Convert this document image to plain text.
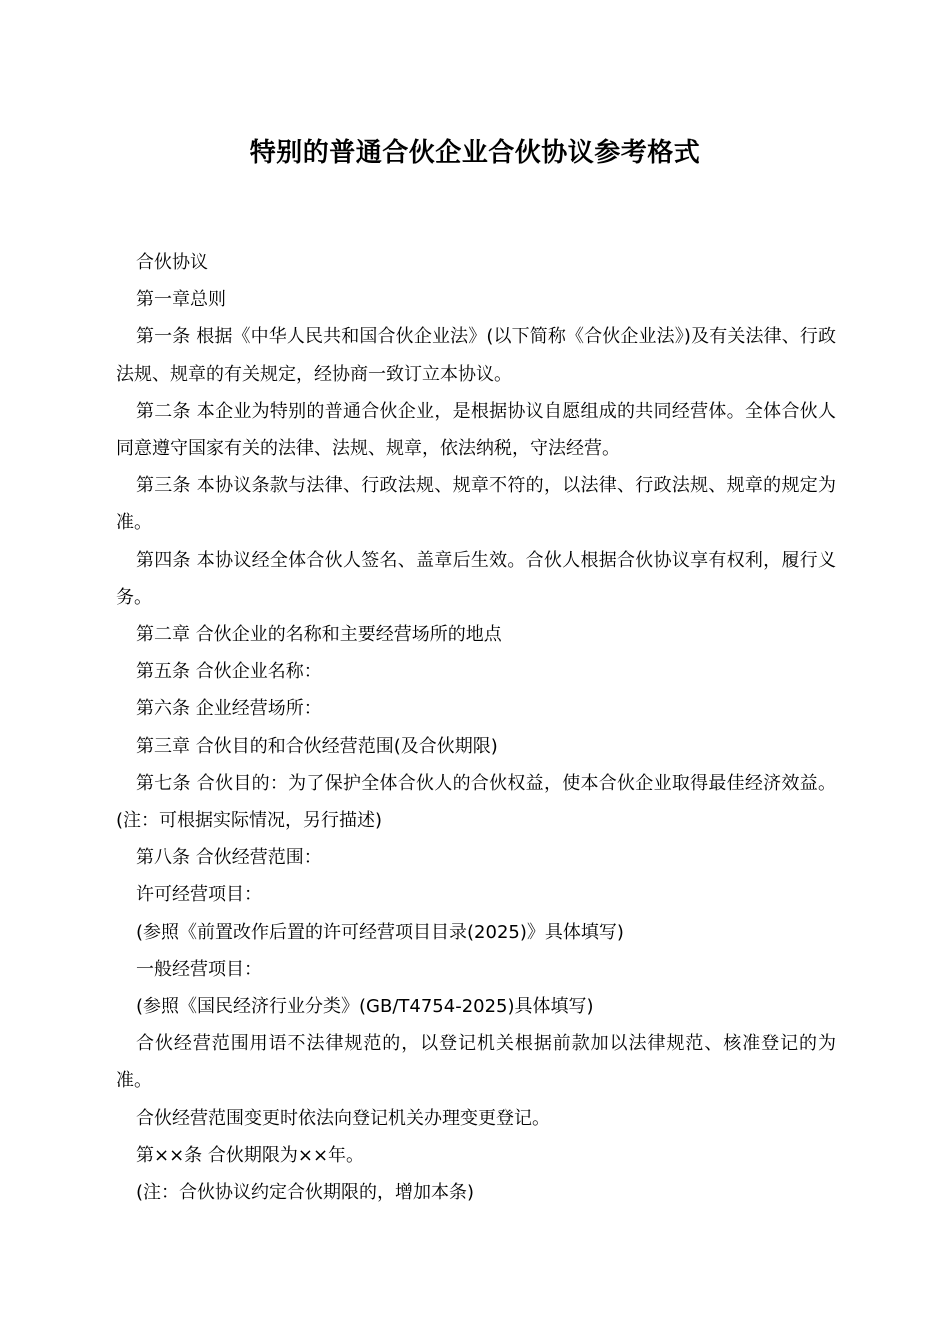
特别的普通合伙企业合伙协议参考格式

合伙协议

第一章总则

第一条 根据《中华人民共和国合伙企业法》(以下简称《合伙企业法》)及有关法律、行政法规、规章的有关规定，经协商一致订立本协议。

第二条 本企业为特别的普通合伙企业，是根据协议自愿组成的共同经营体。全体合伙人同意遵守国家有关的法律、法规、规章，依法纳税，守法经营。

第三条 本协议条款与法律、行政法规、规章不符的，以法律、行政法规、规章的规定为准。

第四条 本协议经全体合伙人签名、盖章后生效。合伙人根据合伙协议享有权利，履行义务。

第二章 合伙企业的名称和主要经营场所的地点

第五条 合伙企业名称：

第六条 企业经营场所：

第三章 合伙目的和合伙经营范围(及合伙期限)

第七条 合伙目的：为了保护全体合伙人的合伙权益，使本合伙企业取得最佳经济效益。(注：可根据实际情况，另行描述)

第八条 合伙经营范围：

许可经营项目：

(参照《前置改作后置的许可经营项目目录(2025)》具体填写)

一般经营项目：

(参照《国民经济行业分类》(GB/T4754-2025)具体填写)

合伙经营范围用语不法律规范的，以登记机关根据前款加以法律规范、核准登记的为准。

合伙经营范围变更时依法向登记机关办理变更登记。

第××条 合伙期限为××年。

(注：合伙协议约定合伙期限的，增加本条)
